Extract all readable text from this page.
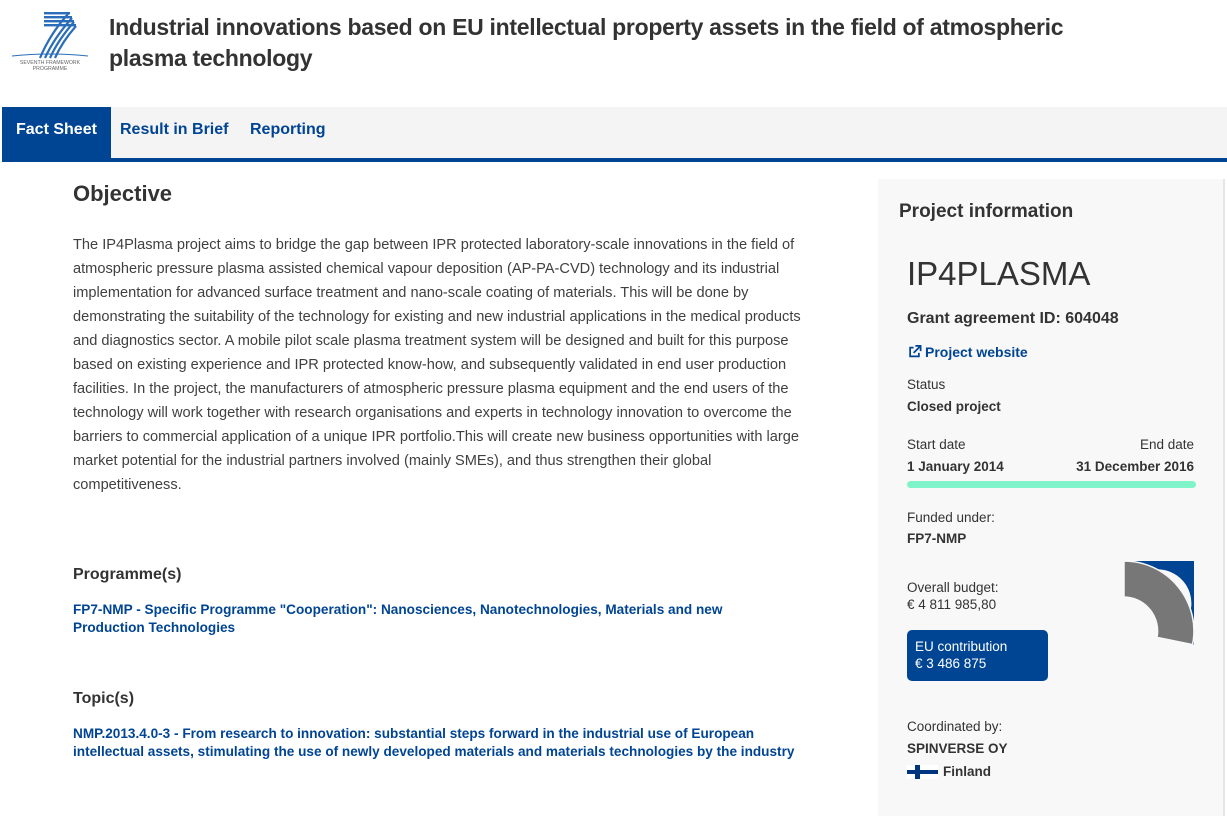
SEVENTH FRAMEWORK
PROGRAMME
Industrial innovations based on EU intellectual property assets in the field of atmospheric plasma technology
Fact Sheet	Result in Brief	Reporting
Objective

The IP4Plasma project aims to bridge the gap between IPR protected laboratory-scale innovations in the field of atmospheric pressure plasma assisted chemical vapour deposition (AP-PA-CVD) technology and its industrial implementation for advanced surface treatment and nano-scale coating of materials. This will be done by demonstrating the suitability of the technology for existing and new industrial applications in the medical products and diagnostics sector. A mobile pilot scale plasma treatment system will be designed and built for this purpose based on existing experience and IPR protected know-how, and subsequently validated in end user production facilities. In the project, the manufacturers of atmospheric pressure plasma equipment and the end users of the technology will work together with research organisations and experts in technology innovation to overcome the barriers to commercial application of a unique IPR portfolio.This will create new business opportunities with large market potential for the industrial partners involved (mainly SMEs), and thus strengthen their global competitiveness.

Programme(s)
FP7-NMP - Specific Programme "Cooperation": Nanosciences, Nanotechnologies, Materials and new Production Technologies
Topic(s)
NMP.2013.4.0-3 - From research to innovation: substantial steps forward in the industrial use of European intellectual assets, stimulating the use of newly developed materials and materials technologies by the industry
Project information
IP4PLASMA
Grant agreement ID: 604048
Project website
Status
Closed project
Start date	End date
1 January 2014	31 December 2016
Funded under:
FP7-NMP
Overall budget:
€ 4 811 985,80
EU contribution
€ 3 486 875
Coordinated by:
SPINVERSE OY
Finland
